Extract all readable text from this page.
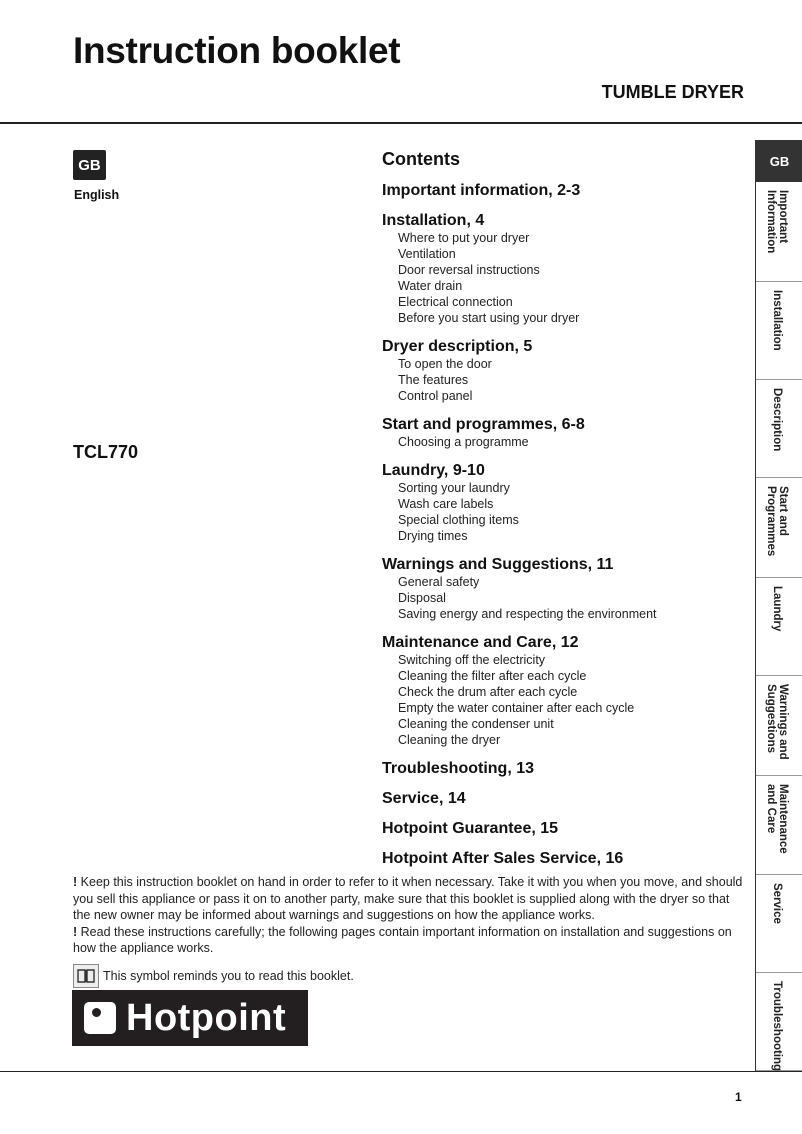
Instruction booklet
TUMBLE DRYER
GB
English
TCL770
Contents
Important information, 2-3
Installation, 4
Where to put your dryer
Ventilation
Door reversal instructions
Water drain
Electrical connection
Before you start using your dryer
Dryer description, 5
To open the door
The features
Control panel
Start and programmes, 6-8
Choosing a programme
Laundry, 9-10
Sorting your laundry
Wash care labels
Special clothing items
Drying times
Warnings and Suggestions, 11
General safety
Disposal
Saving energy and respecting the environment
Maintenance and Care, 12
Switching off the electricity
Cleaning the filter after each cycle
Check the drum after each cycle
Empty the water container after each cycle
Cleaning the condenser unit
Cleaning the dryer
Troubleshooting, 13
Service, 14
Hotpoint Guarantee, 15
Hotpoint After Sales Service, 16
! Keep this instruction booklet on hand in order to refer to it when necessary. Take it with you when you move, and should you sell this appliance or pass it on to another party, make sure that this booklet is supplied along with the dryer so that the new owner may be informed about warnings and suggestions on how the appliance works.
! Read these instructions carefully; the following pages contain important information on installation and suggestions on how the appliance works.
This symbol reminds you to read this booklet.
Hotpoint
GB
Important
Information
Installation
Description
Start and
Programmes
Laundry
Warnings and
Suggestions
Maintenance
and Care
Service
Troubleshooting
1
